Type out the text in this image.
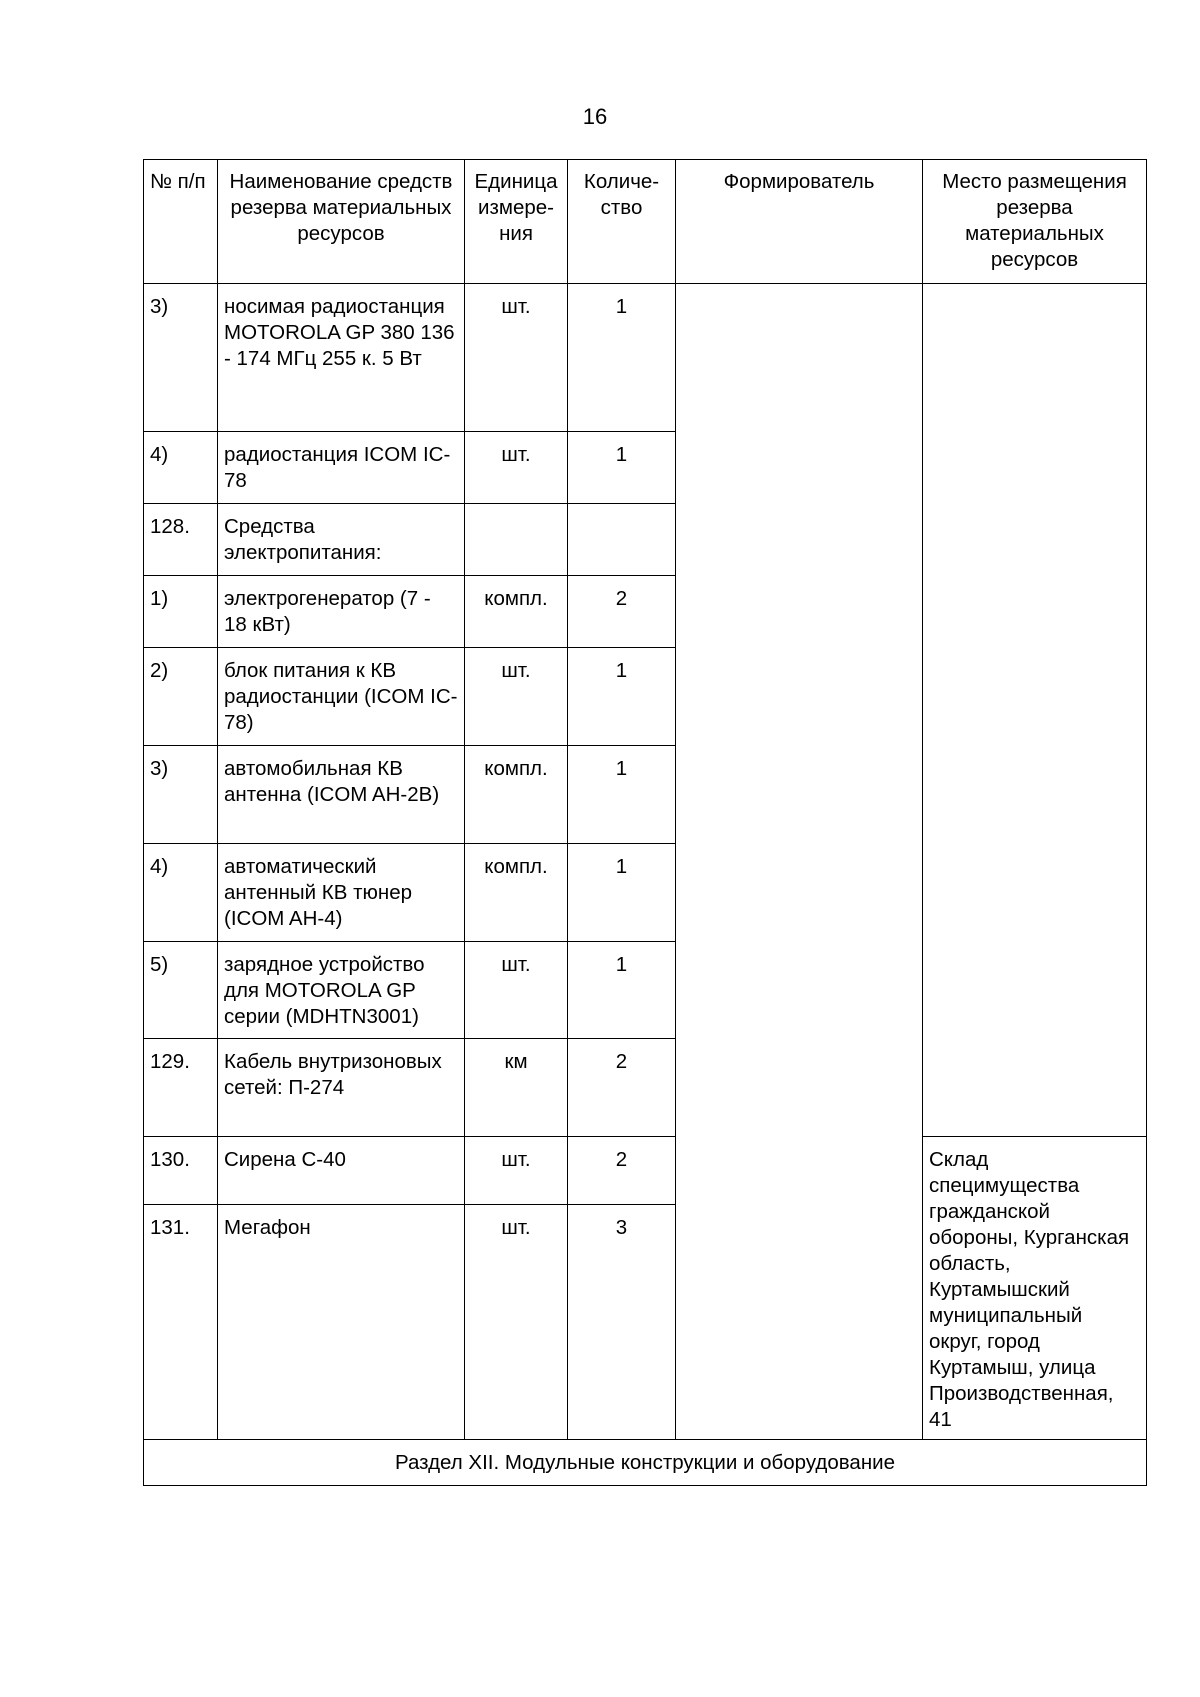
16
№ п/п	Наименование средств резерва материальных ресурсов	Единица измере-ния	Количе-ство	Формирователь	Место размещения резерва материальных ресурсов
3)	носимая радиостанция MOTOROLA GP 380 136 - 174 МГц 255 к. 5 Вт	шт.	1		
4)	радиостанция ICOM IC-78	шт.	1		
128.	Средства электропитания:				
1)	электрогенератор (7 - 18 кВт)	компл.	2		
2)	блок питания к КВ радиостанции (ICOM IC-78)	шт.	1		
3)	автомобильная КВ антенна (ICOM AH-2B)	компл.	1		
4)	автоматический антенный КВ тюнер (ICOM AH-4)	компл.	1		
5)	зарядное устройство для MOTOROLA GP серии (MDHTN3001)	шт.	1		
129.	Кабель внутризоновых сетей: П-274	км	2		
130.	Сирена С-40	шт.	2		Склад специмущества гражданской обороны, Курганская область, Куртамышский муниципальный округ, город Куртамыш, улица Производственная, 41
131.	Мегафон	шт.	3		
Раздел XII. Модульные конструкции и оборудование					
